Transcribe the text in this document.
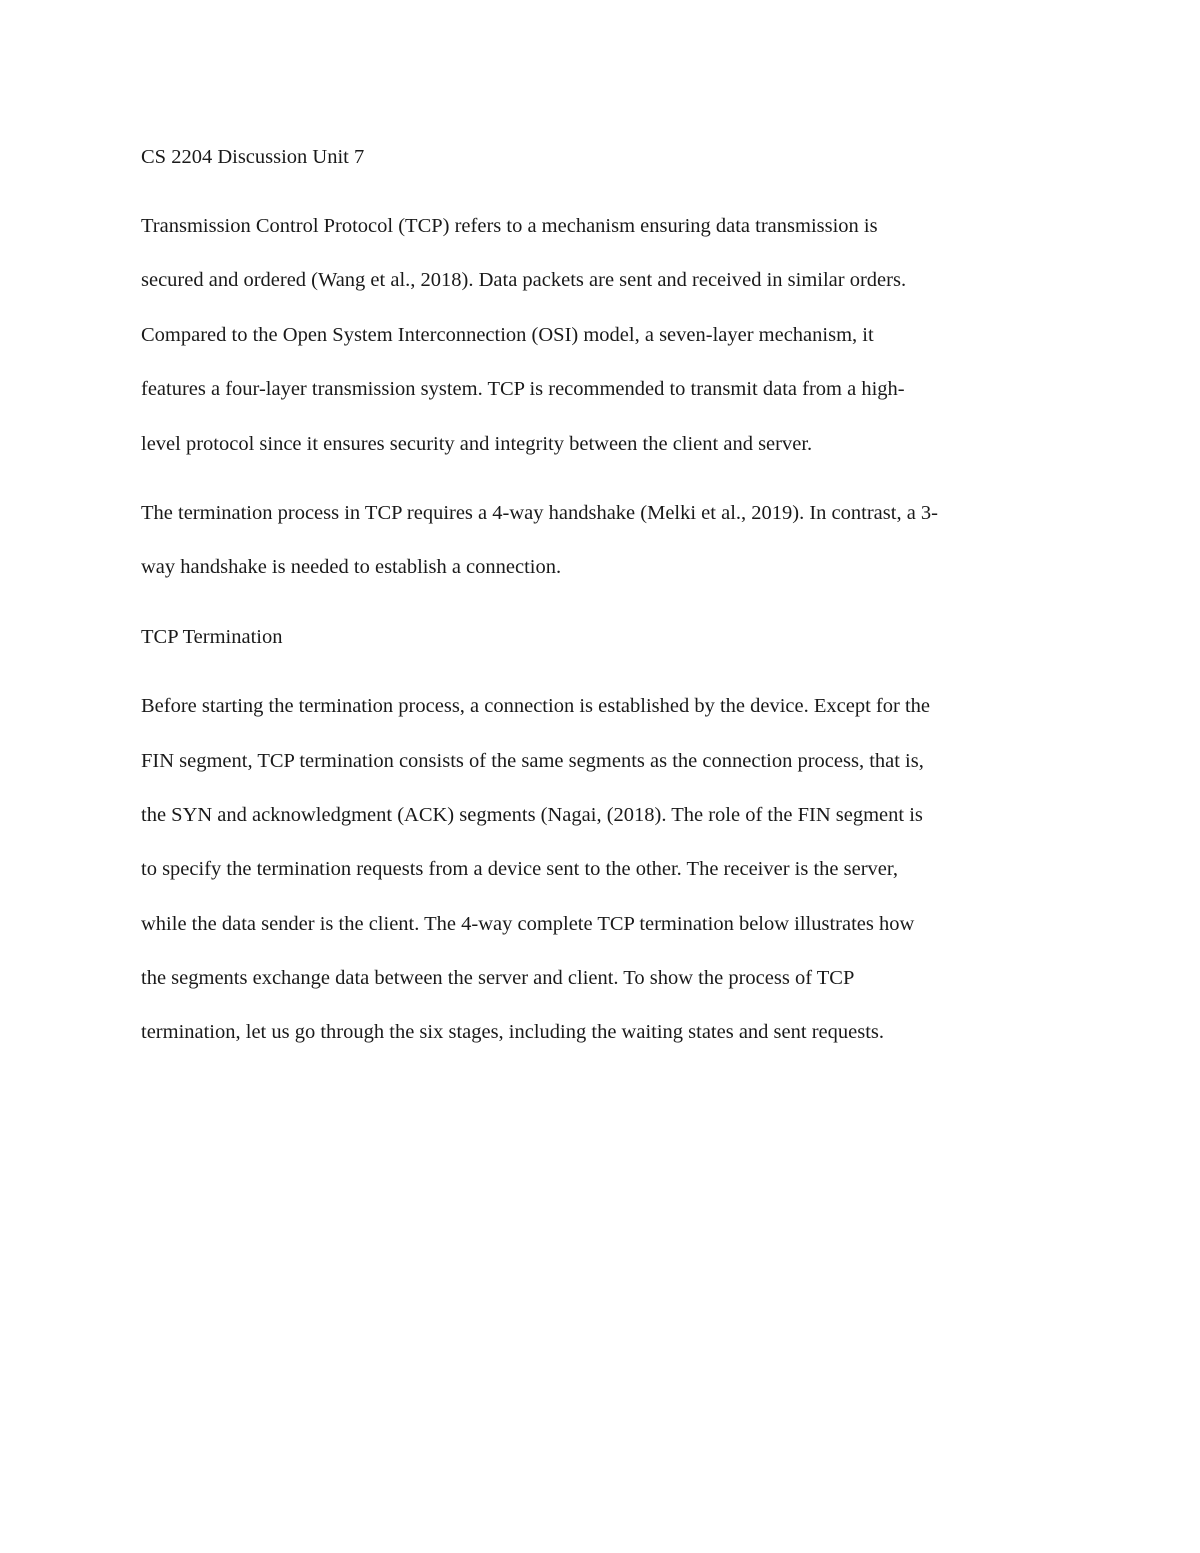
CS 2204 Discussion Unit 7
Transmission Control Protocol (TCP) refers to a mechanism ensuring data transmission is
secured and ordered (Wang et al., 2018). Data packets are sent and received in similar orders.
Compared to the Open System Interconnection (OSI) model, a seven-layer mechanism, it
features a four-layer transmission system. TCP is recommended to transmit data from a high-
level protocol since it ensures security and integrity between the client and server.
The termination process in TCP requires a 4-way handshake (Melki et al., 2019). In contrast, a 3-
way handshake is needed to establish a connection.
TCP Termination
Before starting the termination process, a connection is established by the device. Except for the
FIN segment, TCP termination consists of the same segments as the connection process, that is,
the SYN and acknowledgment (ACK) segments (Nagai, (2018). The role of the FIN segment is
to specify the termination requests from a device sent to the other. The receiver is the server,
while the data sender is the client. The 4-way complete TCP termination below illustrates how
the segments exchange data between the server and client. To show the process of TCP
termination, let us go through the six stages, including the waiting states and sent requests.
